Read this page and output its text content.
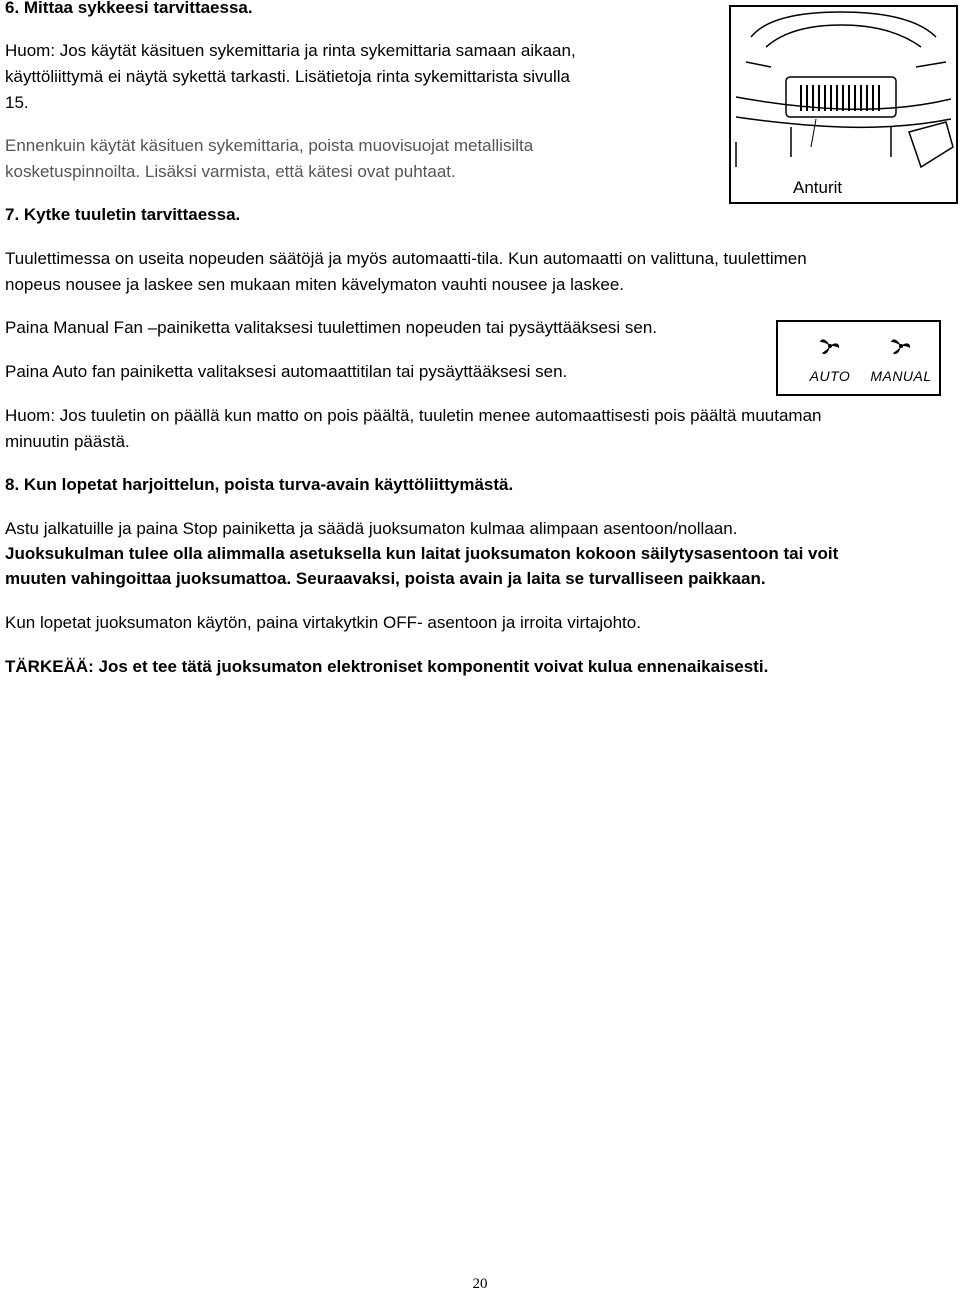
6. Mittaa sykkeesi tarvittaessa.

Huom: Jos käytät käsituen sykemittaria ja rinta sykemittaria samaan aikaan,

käyttöliittymä ei näytä sykettä tarkasti. Lisätietoja rinta sykemittarista sivulla

15.

Ennenkuin käytät käsituen sykemittaria, poista muovisuojat metallisilta

kosketuspinnoilta. Lisäksi varmista, että kätesi ovat puhtaat.

Anturit

7. Kytke tuuletin tarvittaessa.

Tuulettimessa on useita nopeuden säätöjä ja myös automaatti-tila. Kun automaatti on valittuna, tuulettimen

nopeus nousee ja laskee sen mukaan miten kävelymaton vauhti nousee ja laskee.

Paina Manual Fan –painiketta valitaksesi tuulettimen nopeuden tai pysäyttääksesi sen.

Paina Auto fan painiketta valitaksesi automaattitilan tai pysäyttääksesi sen.	AUTO MANUAL

Huom: Jos tuuletin on päällä kun matto on pois päältä, tuuletin menee automaattisesti pois päältä muutaman

minuutin päästä.

8. Kun lopetat harjoittelun, poista turva-avain käyttöliittymästä.

Astu jalkatuille ja paina Stop painiketta ja säädä juoksumaton kulmaa alimpaan asentoon/nollaan.

Juoksukulman tulee olla alimmalla asetuksella kun laitat juoksumaton kokoon säilytysasentoon tai voit

muuten vahingoittaa juoksumattoa. Seuraavaksi, poista avain ja laita se turvalliseen paikkaan.

Kun lopetat juoksumaton käytön, paina virtakytkin OFF- asentoon ja irroita virtajohto.

TÄRKEÄÄ: Jos et tee tätä juoksumaton elektroniset komponentit voivat kulua ennenaikaisesti.

20
